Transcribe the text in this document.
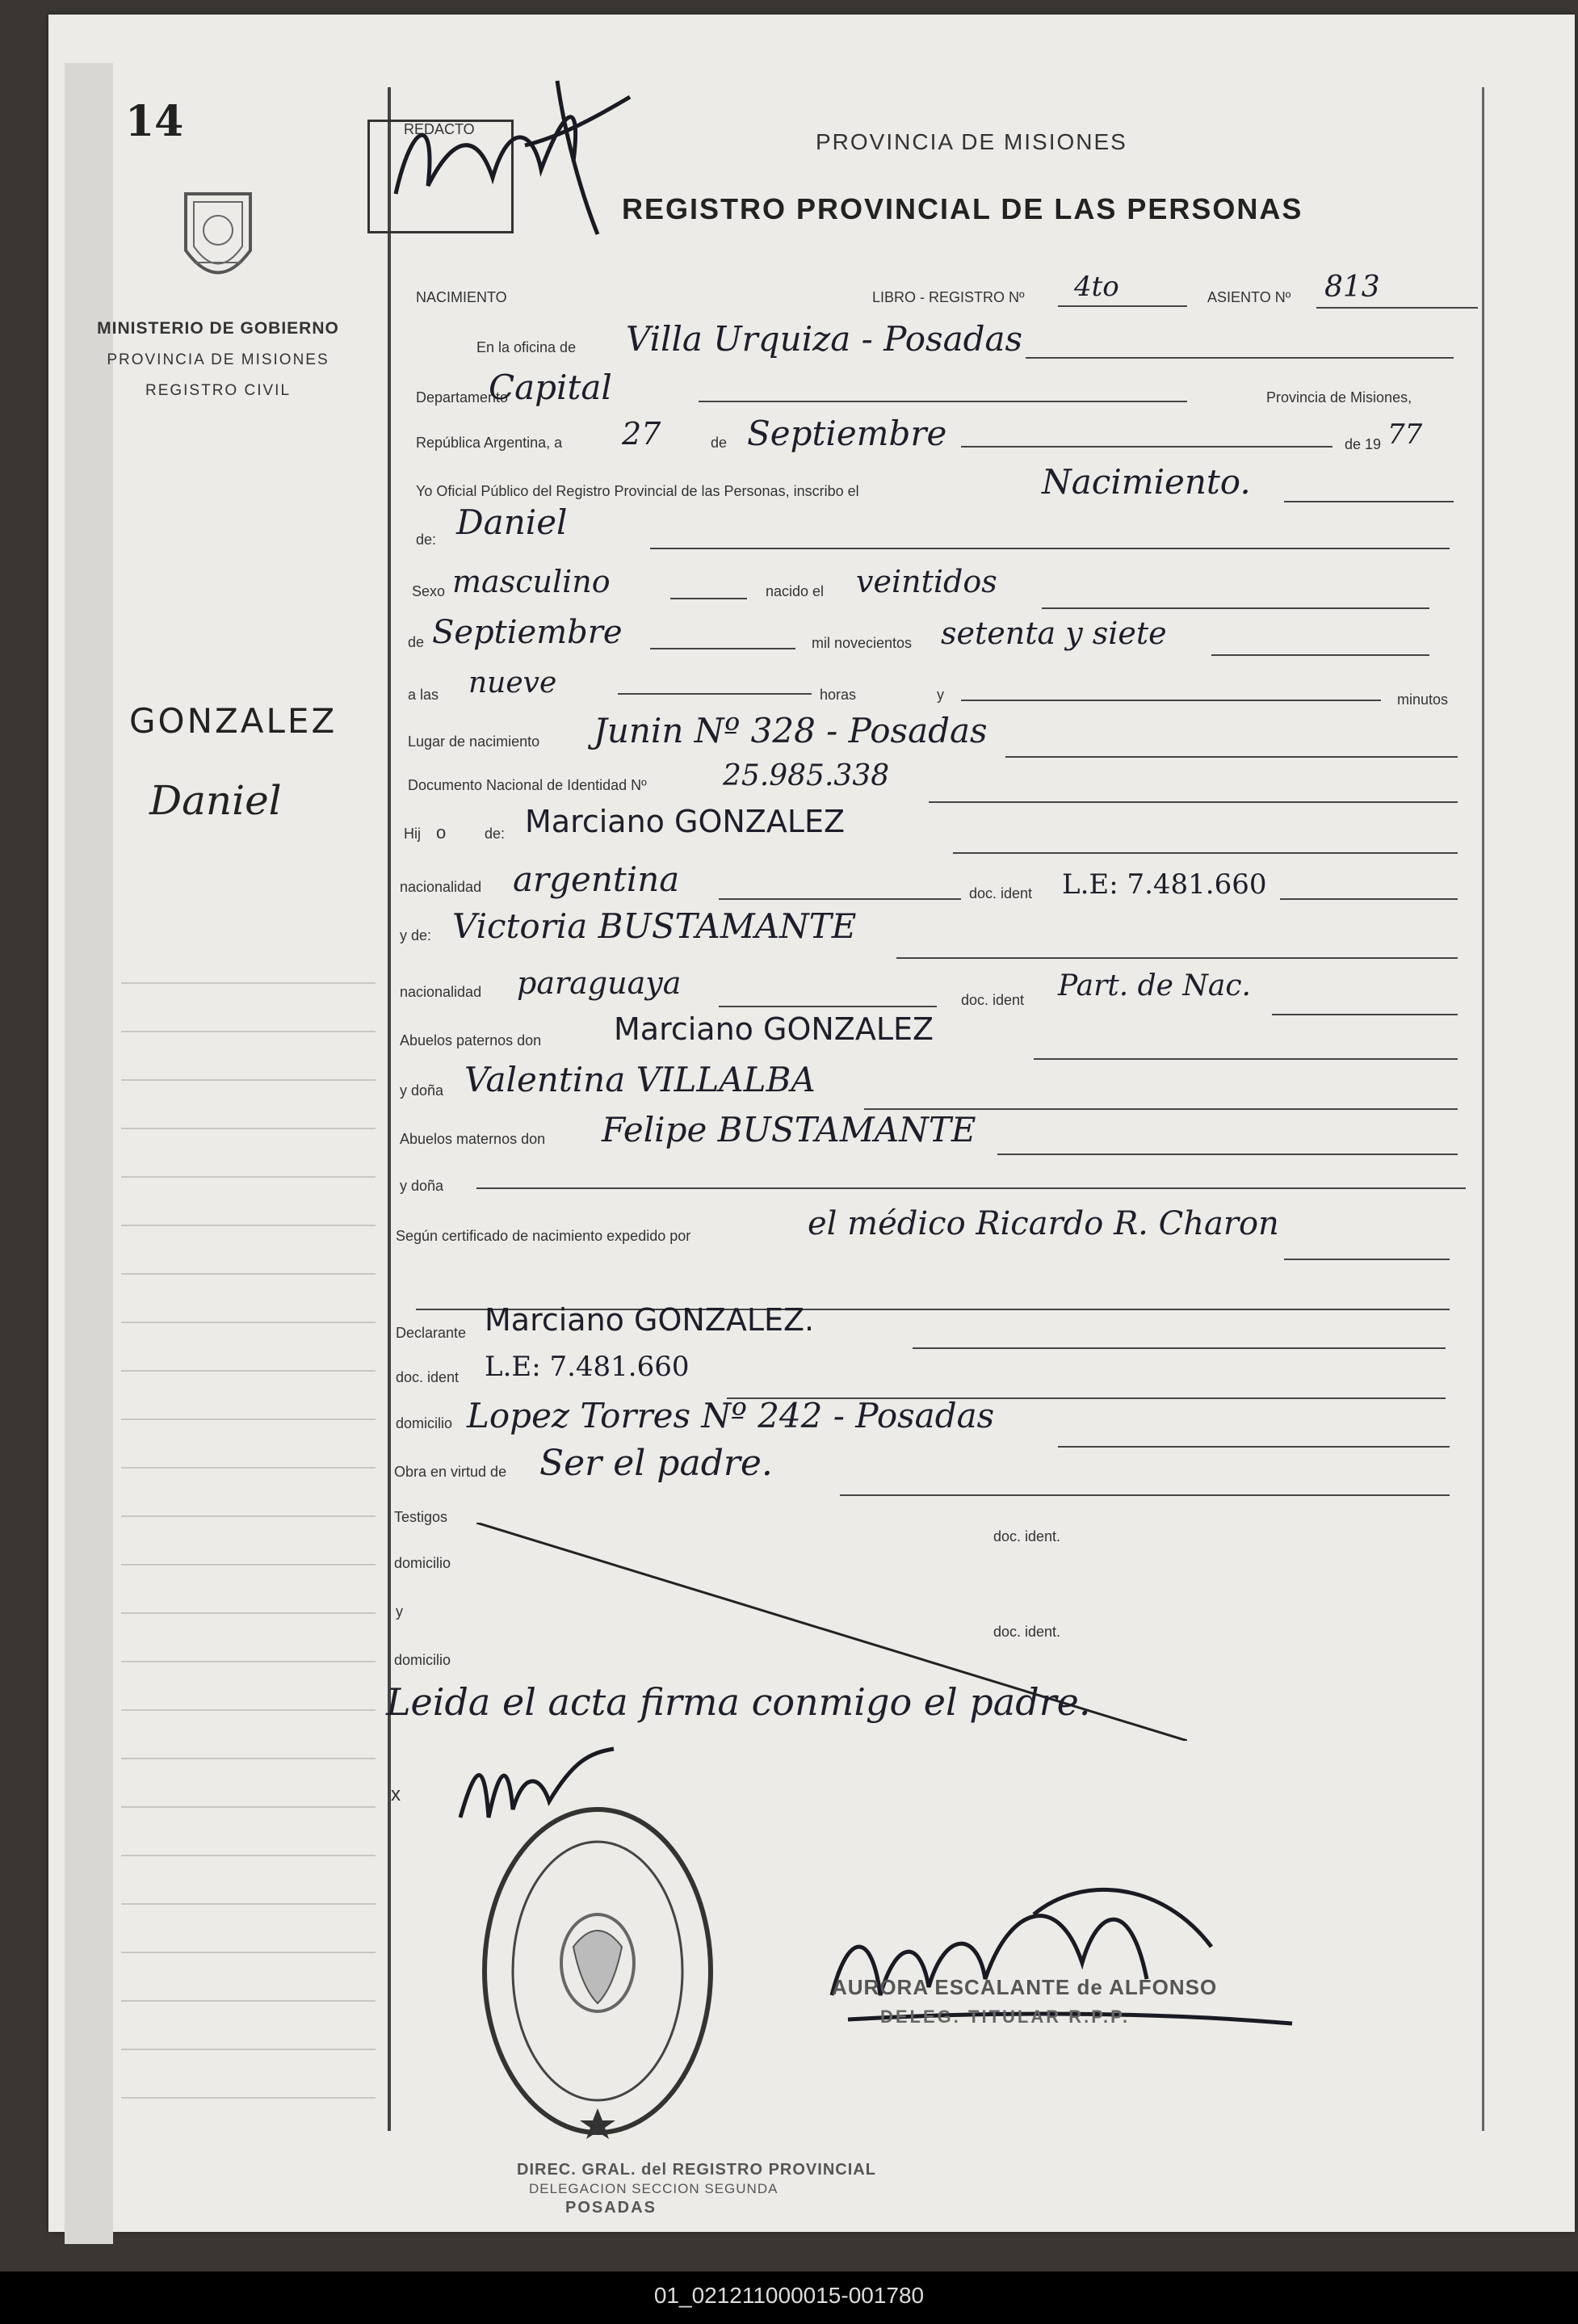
14
MINISTERIO DE GOBIERNO
PROVINCIA DE MISIONES
REGISTRO CIVIL
GONZALEZ
Daniel
REDACTO	PROVINCIA DE MISIONES
REGISTRO PROVINCIAL DE LAS PERSONAS
NACIMIENTO	LIBRO - REGISTRO Nº 4to	ASIENTO Nº 813
En la oficina de Villa Urquiza - Posadas
Departamento
Capital	Provincia de Misiones,
República Argentina, a 27	de Septiembre	de 19 77
Yo Oficial Público del Registro Provincial de las Personas, inscribo el	Nacimiento.
de: Daniel
Sexo masculino	nacido el veintidos
de Septiembre	mil novecientos setenta y siete
a las nueve	horas	y	minutos
Lugar de nacimiento Junin Nº 328 - Posadas
Documento Nacional de Identidad Nº	25.985.338
Hij o	de: Marciano GONZALEZ
nacionalidad argentina	doc. ident L.E: 7.481.660
y de: Victoria BUSTAMANTE
nacionalidad paraguaya	doc. ident Part. de Nac.
Abuelos paternos don Marciano GONZALEZ
y doña Valentina VILLALBA
Abuelos maternos don Felipe BUSTAMANTE
y doña
Según certificado de nacimiento expedido por	el médico Ricardo R. Charon
Declarante Marciano GONZALEZ.
doc. ident L.E: 7.481.660
domicilio Lopez Torres Nº 242 - Posadas
Obra en virtud de Ser el padre.
Testigos
doc. ident.
domicilio
y
doc. ident.
domicilio
Leida el acta firma conmigo el padre.
x
AURORA ESCALANTE de ALFONSO
DELEG. TITULAR R.P.P.
DIREC. GRAL. del REGISTRO PROVINCIAL
DELEGACION SECCION SEGUNDA
POSADAS
01_021211000015-001780
